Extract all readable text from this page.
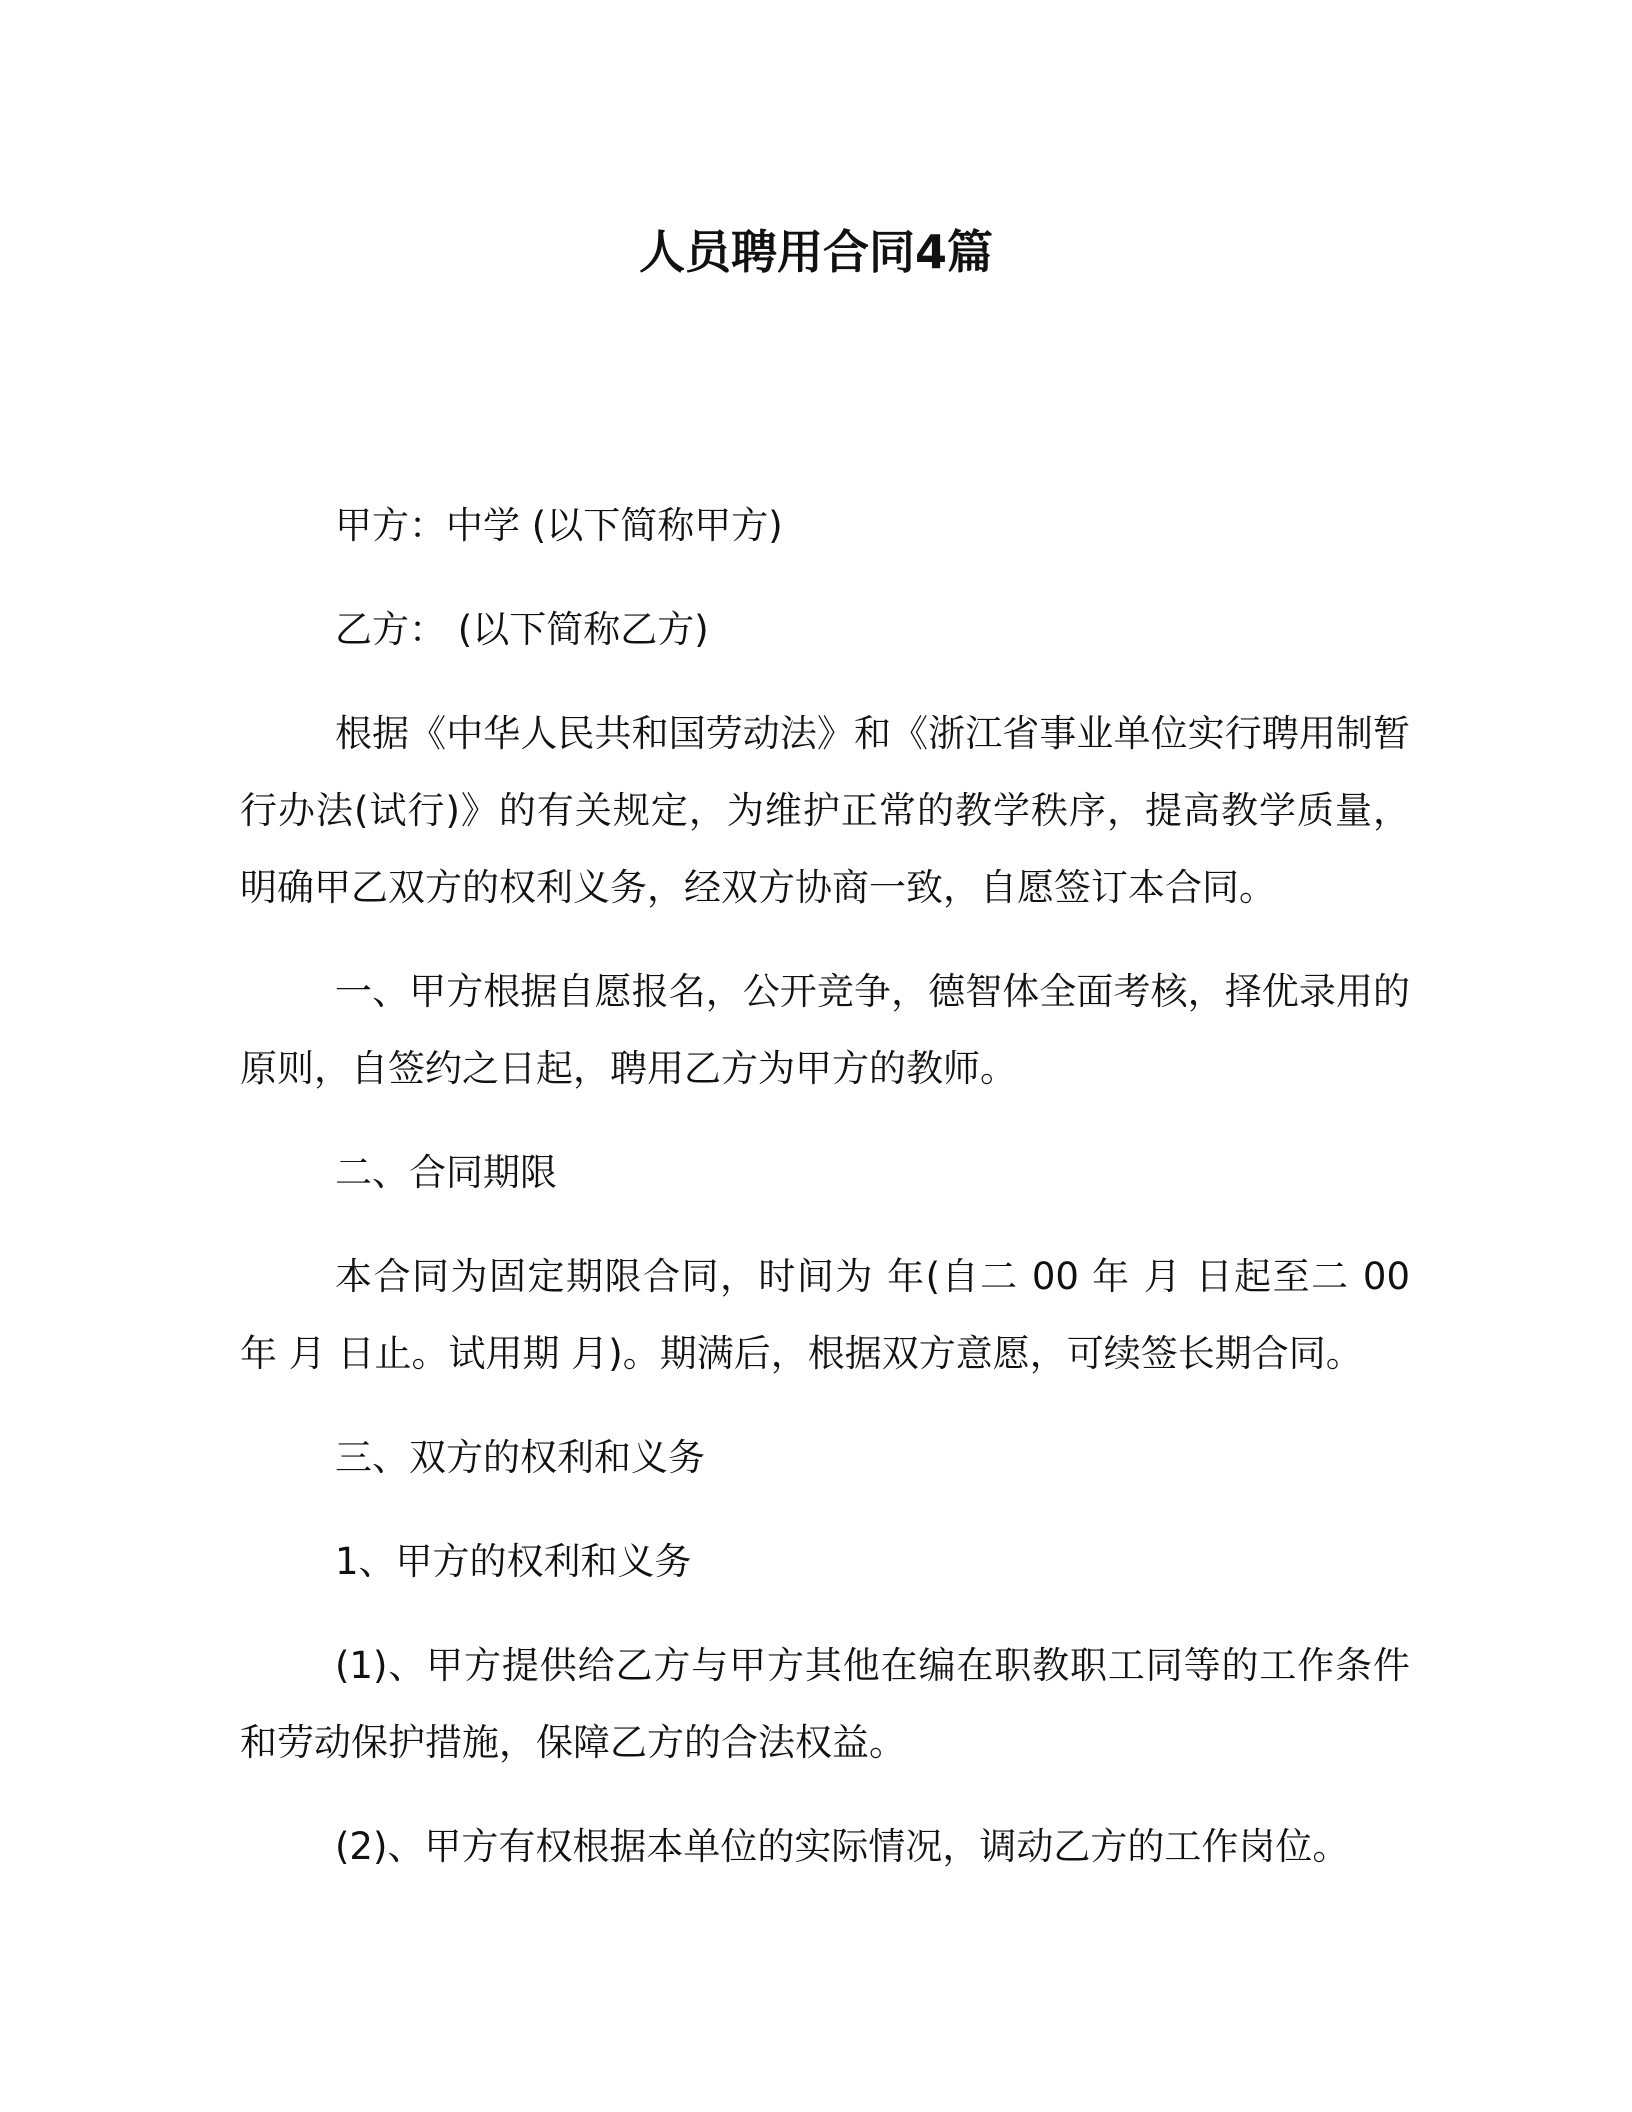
人员聘用合同4篇

甲方：中学 (以下简称甲方)

乙方： (以下简称乙方)

根据《中华人民共和国劳动法》和《浙江省事业单位实行聘用制暂行办法(试行)》的有关规定，为维护正常的教学秩序，提高教学质量，明确甲乙双方的权利义务，经双方协商一致，自愿签订本合同。

一、甲方根据自愿报名，公开竞争，德智体全面考核，择优录用的原则，自签约之日起，聘用乙方为甲方的教师。

二、合同期限

本合同为固定期限合同，时间为 年(自二 00 年 月 日起至二 00 年 月 日止。试用期 月)。期满后，根据双方意愿，可续签长期合同。

三、双方的权利和义务

1、甲方的权利和义务

(1)、甲方提供给乙方与甲方其他在编在职教职工同等的工作条件和劳动保护措施，保障乙方的合法权益。

(2)、甲方有权根据本单位的实际情况，调动乙方的工作岗位。
